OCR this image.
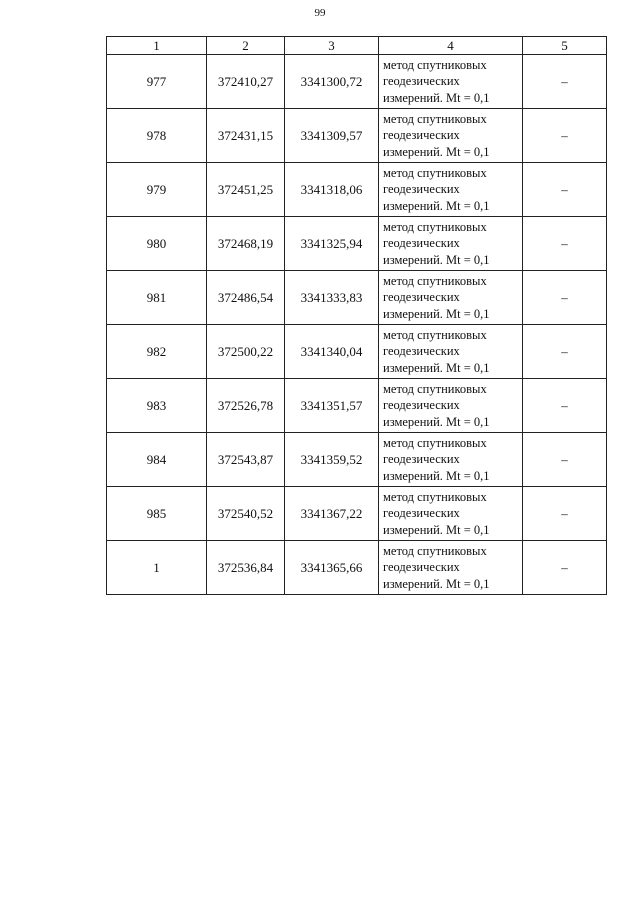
99
1	2	3	4	5
977	372410,27	3341300,72	метод спутниковых
геодезических
измерений. Mt = 0,1	–
978	372431,15	3341309,57	метод спутниковых
геодезических
измерений. Mt = 0,1	–
979	372451,25	3341318,06	метод спутниковых
геодезических
измерений. Mt = 0,1	–
980	372468,19	3341325,94	метод спутниковых
геодезических
измерений. Mt = 0,1	–
981	372486,54	3341333,83	метод спутниковых
геодезических
измерений. Mt = 0,1	–
982	372500,22	3341340,04	метод спутниковых
геодезических
измерений. Mt = 0,1	–
983	372526,78	3341351,57	метод спутниковых
геодезических
измерений. Mt = 0,1	–
984	372543,87	3341359,52	метод спутниковых
геодезических
измерений. Mt = 0,1	–
985	372540,52	3341367,22	метод спутниковых
геодезических
измерений. Mt = 0,1	–
1	372536,84	3341365,66	метод спутниковых
геодезических
измерений. Mt = 0,1	–
